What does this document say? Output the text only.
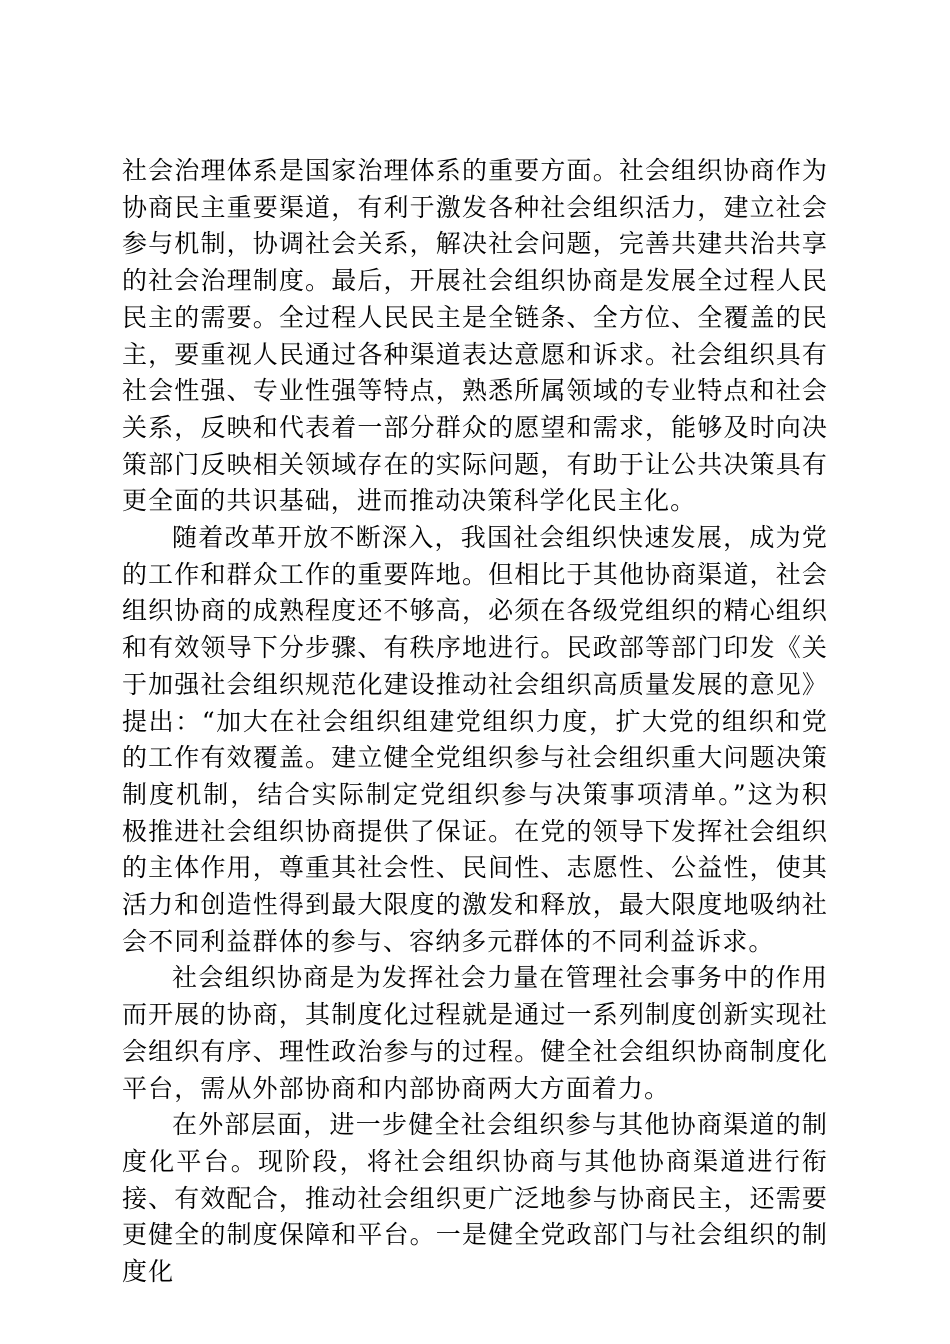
社会治理体系是国家治理体系的重要方面。社会组织协商作为协商民主重要渠道，有利于激发各种社会组织活力，建立社会参与机制，协调社会关系，解决社会问题，完善共建共治共享的社会治理制度。最后，开展社会组织协商是发展全过程人民民主的需要。全过程人民民主是全链条、全方位、全覆盖的民主，要重视人民通过各种渠道表达意愿和诉求。社会组织具有社会性强、专业性强等特点，熟悉所属领域的专业特点和社会关系，反映和代表着一部分群众的愿望和需求，能够及时向决策部门反映相关领域存在的实际问题，有助于让公共决策具有更全面的共识基础，进而推动决策科学化民主化。

随着改革开放不断深入，我国社会组织快速发展，成为党的工作和群众工作的重要阵地。但相比于其他协商渠道，社会组织协商的成熟程度还不够高，必须在各级党组织的精心组织和有效领导下分步骤、有秩序地进行。民政部等部门印发《关于加强社会组织规范化建设推动社会组织高质量发展的意见》提出：“加大在社会组织组建党组织力度，扩大党的组织和党的工作有效覆盖。建立健全党组织参与社会组织重大问题决策制度机制，结合实际制定党组织参与决策事项清单。”这为积极推进社会组织协商提供了保证。在党的领导下发挥社会组织的主体作用，尊重其社会性、民间性、志愿性、公益性，使其活力和创造性得到最大限度的激发和释放，最大限度地吸纳社会不同利益群体的参与、容纳多元群体的不同利益诉求。

社会组织协商是为发挥社会力量在管理社会事务中的作用而开展的协商，其制度化过程就是通过一系列制度创新实现社会组织有序、理性政治参与的过程。健全社会组织协商制度化平台，需从外部协商和内部协商两大方面着力。

在外部层面，进一步健全社会组织参与其他协商渠道的制度化平台。现阶段，将社会组织协商与其他协商渠道进行衔接、有效配合，推动社会组织更广泛地参与协商民主，还需要更健全的制度保障和平台。一是健全党政部门与社会组织的制度化
